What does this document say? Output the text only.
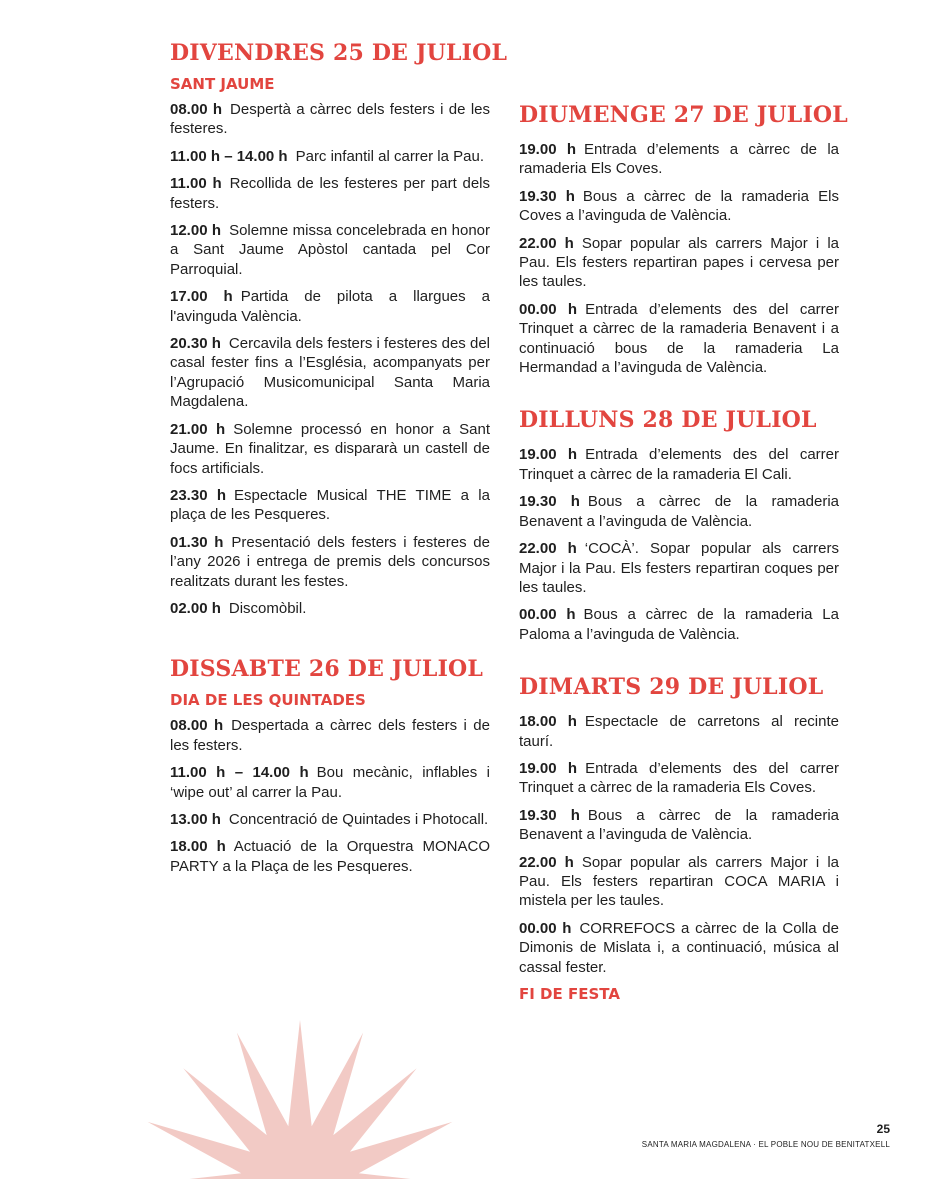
DIVENDRES 25 DE JULIOL
SANT JAUME
08.00 h Despertà a càrrec dels festers i de les festeres.
11.00 h – 14.00 h Parc infantil al carrer la Pau.
11.00 h Recollida de les festeres per part dels festers.
12.00 h Solemne missa concelebrada en honor a Sant Jaume Apòstol cantada pel Cor Parroquial.
17.00 h Partida de pilota a llargues a l'avinguda València.
20.30 h Cercavila dels festers i festeres des del casal fester fins a l’Església, acompanyats per l’Agrupació Musicomunicipal Santa Maria Magdalena.
21.00 h Solemne processó en honor a Sant Jaume. En finalitzar, es dispararà un castell de focs artificials.
23.30 h Espectacle Musical THE TIME a la plaça de les Pesqueres.
01.30 h Presentació dels festers i festeres de l’any 2026 i entrega de premis dels concursos realitzats durant les festes.
02.00 h Discomòbil.
DISSABTE 26 DE JULIOL
DIA DE LES QUINTADES
08.00 h Despertada a càrrec dels festers i de les festers.
11.00 h – 14.00 h Bou mecànic, inflables i ‘wipe out’ al carrer la Pau.
13.00 h Concentració de Quintades i Photocall.
18.00 h Actuació de la Orquestra MONACO PARTY a la Plaça de les Pesqueres.
DIUMENGE 27 DE JULIOL
19.00 h Entrada d’elements a càrrec de la ramaderia Els Coves.
19.30 h Bous a càrrec de la ramaderia Els Coves a l’avinguda de València.
22.00 h Sopar popular als carrers Major i la Pau. Els festers repartiran papes i cervesa per les taules.
00.00 h Entrada d’elements des del carrer Trinquet a càrrec de la ramaderia Benavent i a continuació bous de la ramaderia La Hermandad a l’avinguda de València.
DILLUNS 28 DE JULIOL
19.00 h Entrada d’elements des del carrer Trinquet a càrrec de la ramaderia El Cali.
19.30 h Bous a càrrec de la ramaderia Benavent a l’avinguda de València.
22.00 h ‘COCÀ’. Sopar popular als carrers Major i la Pau. Els festers repartiran coques per les taules.
00.00 h Bous a càrrec de la ramaderia La Paloma a l’avinguda de València.
DIMARTS 29 DE JULIOL
18.00 h Espectacle de carretons al recinte taurí.
19.00 h Entrada d’elements des del carrer Trinquet a càrrec de la ramaderia Els Coves.
19.30 h Bous a càrrec de la ramaderia Benavent a l’avinguda de València.
22.00 h Sopar popular als carrers Major i la Pau. Els festers repartiran COCA MARIA i mistela per les taules.
00.00 h CORREFOCS a càrrec de la Colla de Dimonis de Mislata i, a continuació, música al cassal fester.
FI DE FESTA
25
SANTA MARIA MAGDALENA · EL POBLE NOU DE BENITATXELL
